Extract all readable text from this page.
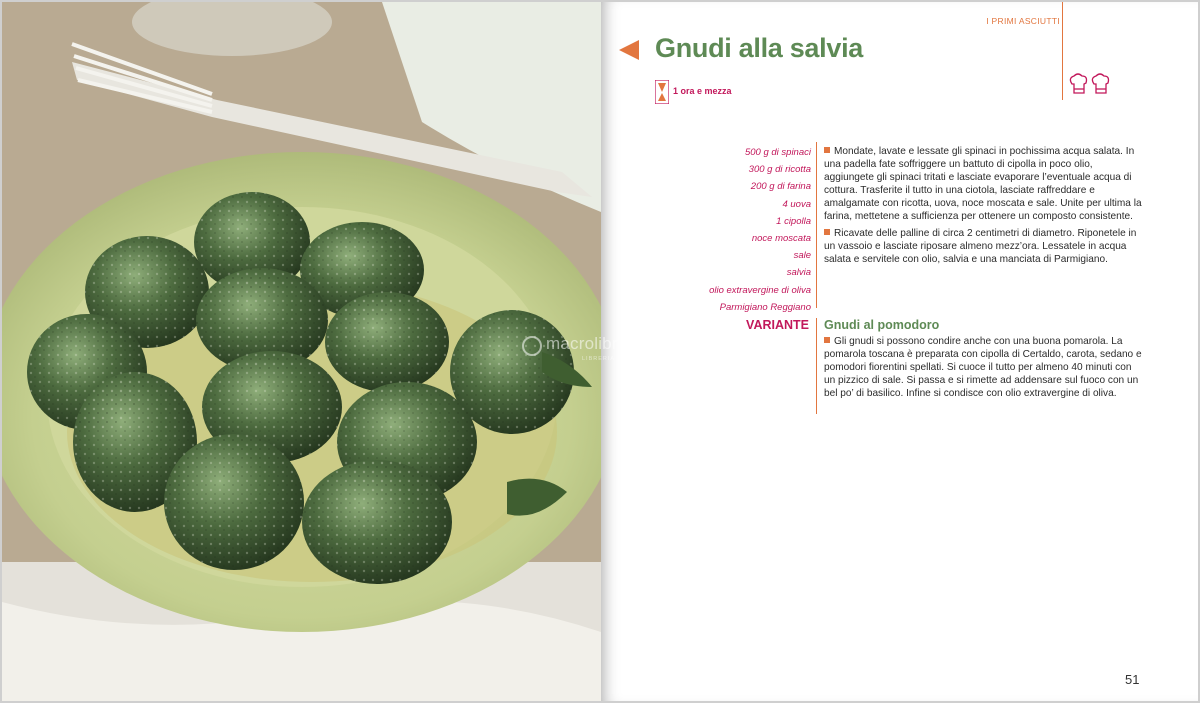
I PRIMI ASCIUTTI
Gnudi alla salvia
1 ora e mezza
500 g di spinaci
300 g di ricotta
200 g di farina
4 uova
1 cipolla
noce moscata
sale
salvia
olio extravergine di oliva
Parmigiano Reggiano

Mondate, lavate e lessate gli spinaci in pochissima acqua salata. In una padella fate soffriggere un battuto di cipolla in poco olio, aggiungete gli spinaci tritati e lasciate evaporare l’eventuale acqua di cottura. Trasferite il tutto in una ciotola, lasciate raffreddare e amalgamate con ricotta, uova, noce moscata e sale. Unite per ultima la farina, mettetene a sufficienza per ottenere un composto consistente.

Ricavate delle palline di circa 2 centimetri di diametro. Riponetele in un vassoio e lasciate riposare almeno mezz’ora. Lessatele in acqua salata e servitele con olio, salvia e una manciata di Parmigiano.

VARIANTE Gnudi al pomodoro
Gli gnudi si possono condire anche con una buona pomarola. La pomarola toscana è preparata con cipolla di Certaldo, carota, sedano e pomodori fiorentini spellati. Si cuoce il tutto per almeno 40 minuti con un pizzico di sale. Si passa e si rimette ad addensare sul fuoco con un bel po’ di basilico. Infine si condisce con olio extravergine di oliva.
51
macrolibrarsi
LIBRERIA DIGITALE
